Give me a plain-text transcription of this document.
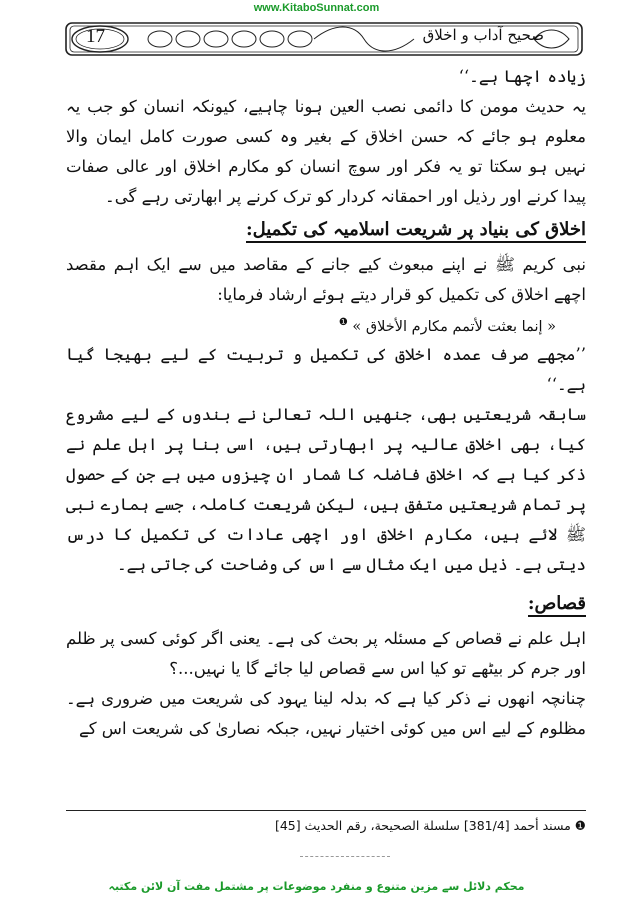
www.KitaboSunnat.com
17	صحیح آداب و اخلاق

زیادہ اچھا ہے۔‘‘

یہ حدیث مومن کا دائمی نصب العین ہونا چاہیے، کیونکہ انسان کو جب یہ معلوم ہو جائے کہ حسن اخلاق کے بغیر وہ کسی صورت کامل ایمان والا نہیں ہو سکتا تو یہ فکر اور سوچ انسان کو مکارم اخلاق اور عالی صفات پیدا کرنے اور رذیل اور احمقانہ کردار کو ترک کرنے پر ابھارتی رہے گی۔

اخلاق کی بنیاد پر شریعت اسلامیہ کی تکمیل:

نبی کریم ﷺ نے اپنے مبعوث کیے جانے کے مقاصد میں سے ایک اہم مقصد اچھے اخلاق کی تکمیل کو قرار دیتے ہوئے ارشاد فرمایا:

« إنما بعثت لأتمم مكارم الأخلاق » $^❶$

’’مجھے صرف عمدہ اخلاق کی تکمیل و تربیت کے لیے بھیجا گیا ہے۔‘‘

سابقہ شریعتیں بھی، جنھیں اللہ تعالیٰ نے بندوں کے لیے مشروع کیا، بھی اخلاق عالیہ پر ابھارتی ہیں، اسی بنا پر اہل علم نے ذکر کیا ہے کہ اخلاق فاضلہ کا شمار ان چیزوں میں ہے جن کے حصول پر تمام شریعتیں متفق ہیں، لیکن شریعت کاملہ، جسے ہمارے نبی ﷺ لائے ہیں، مکارم اخلاق اور اچھی عادات کی تکمیل کا درس دیتی ہے۔ ذیل میں ایک مثال سے اس کی وضاحت کی جاتی ہے۔

قصاص:

اہل علم نے قصاص کے مسئلہ پر بحث کی ہے۔ یعنی اگر کوئی کسی پر ظلم اور جرم کر بیٹھے تو کیا اس سے قصاص لیا جائے گا یا نہیں...؟

چنانچہ انھوں نے ذکر کیا ہے کہ بدلہ لینا یہود کی شریعت میں ضروری ہے۔ مظلوم کے لیے اس میں کوئی اختیار نہیں، جبکہ نصاریٰ کی شریعت اس کے

❶ مسند أحمد [381/4] سلسلة الصحيحة، رقم الحديث [45]
محکم دلائل سے مزین متنوع و منفرد موضوعات پر مشتمل مفت آن لائن مکتبہ
